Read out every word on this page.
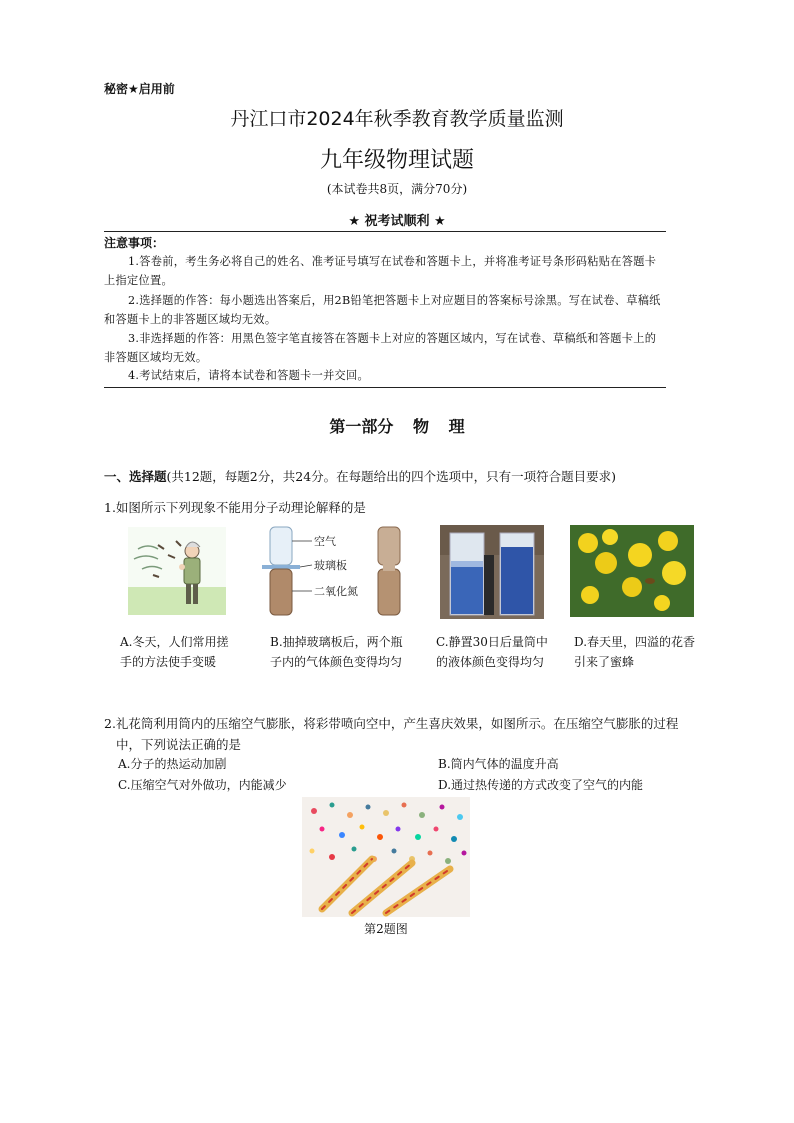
秘密★启用前
丹江口市2024年秋季教育教学质量监测
九年级物理试题
(本试卷共8页，满分70分)
★ 祝考试顺利 ★
注意事项：
1.答卷前，考生务必将自己的姓名、准考证号填写在试卷和答题卡上，并将准考证号条形码粘贴在答题卡上指定位置。
2.选择题的作答：每小题选出答案后，用2B铅笔把答题卡上对应题目的答案标号涂黑。写在试卷、草稿纸和答题卡上的非答题区域均无效。
3.非选择题的作答：用黑色签字笔直接答在答题卡上对应的答题区域内，写在试卷、草稿纸和答题卡上的非答题区域均无效。
4.考试结束后，请将本试卷和答题卡一并交回。
第一部分 物 理
一、选择题(共12题，每题2分，共24分。在每题给出的四个选项中，只有一项符合题目要求)
1.如图所示下列现象不能用分子动理论解释的是
空气
玻璃板
二氧化氮
A.冬天，人们常用搓手的方法使手变暖
B.抽掉玻璃板后，两个瓶子内的气体颜色变得均匀
C.静置30日后量筒中的液体颜色变得均匀
D.春天里，四溢的花香引来了蜜蜂
2.礼花筒利用筒内的压缩空气膨胀，将彩带喷向空中，产生喜庆效果，如图所示。在压缩空气膨胀的过程中，下列说法正确的是
A.分子的热运动加剧	B.筒内气体的温度升高
C.压缩空气对外做功，内能减少	D.通过热传递的方式改变了空气的内能
第2题图
